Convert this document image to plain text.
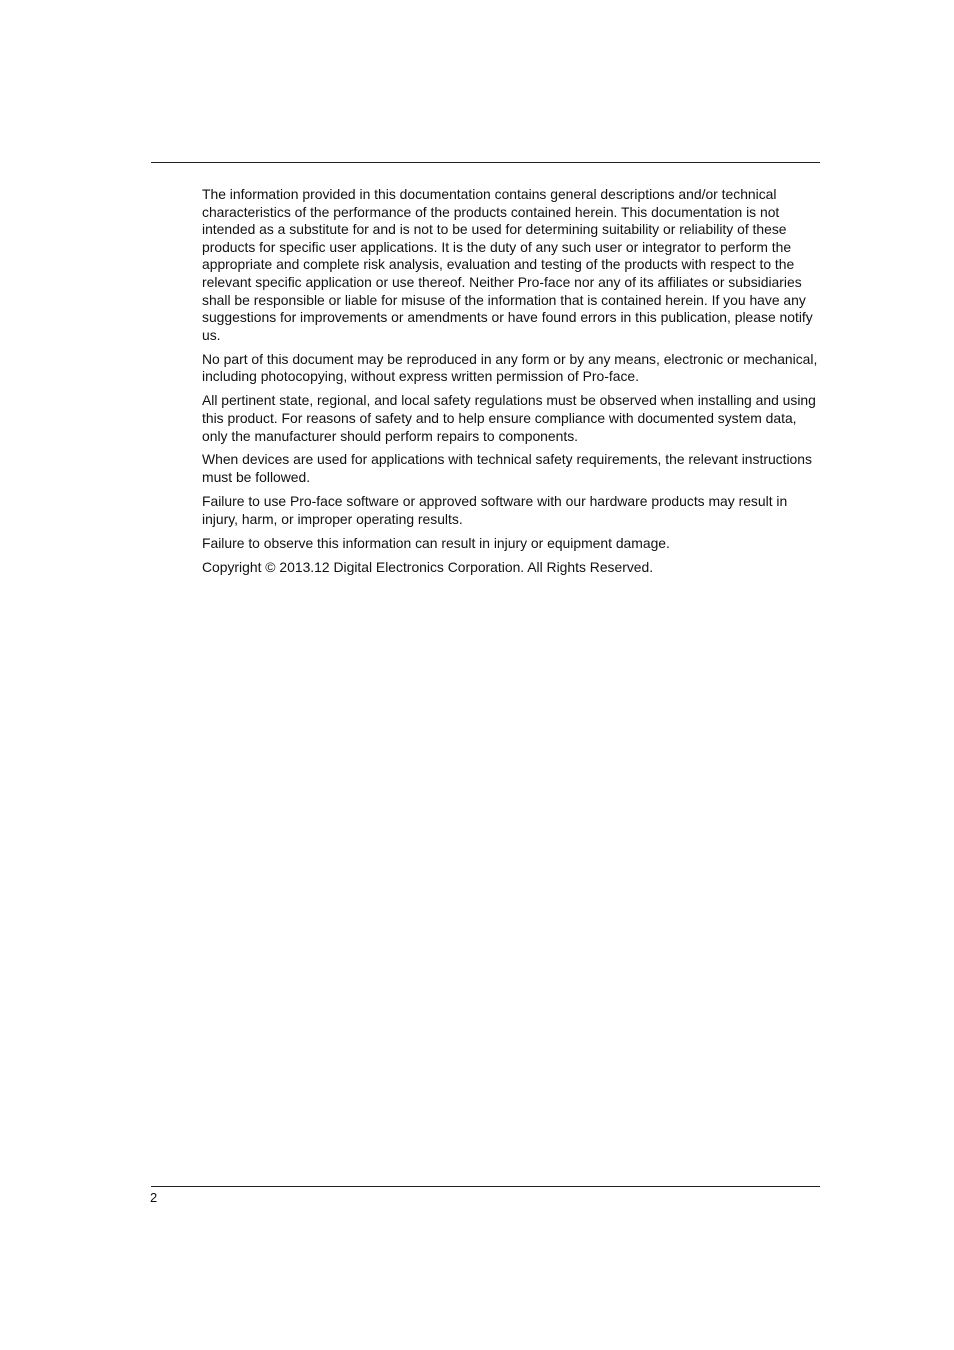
The information provided in this documentation contains general descriptions and/or technical characteristics of the performance of the products contained herein. This documentation is not intended as a substitute for and is not to be used for determining suitability or reliability of these products for specific user applications. It is the duty of any such user or integrator to perform the appropriate and complete risk analysis, evaluation and testing of the products with respect to the relevant specific application or use thereof. Neither Pro-face nor any of its affiliates or subsidiaries shall be responsible or liable for misuse of the information that is contained herein. If you have any suggestions for improvements or amendments or have found errors in this publication, please notify us.

No part of this document may be reproduced in any form or by any means, electronic or mechanical, including photocopying, without express written permission of Pro-face.

All pertinent state, regional, and local safety regulations must be observed when installing and using this product. For reasons of safety and to help ensure compliance with documented system data, only the manufacturer should perform repairs to components.

When devices are used for applications with technical safety requirements, the relevant instructions must be followed.

Failure to use Pro-face software or approved software with our hardware products may result in injury, harm, or improper operating results.

Failure to observe this information can result in injury or equipment damage.

Copyright © 2013.12 Digital Electronics Corporation. All Rights Reserved.

2
